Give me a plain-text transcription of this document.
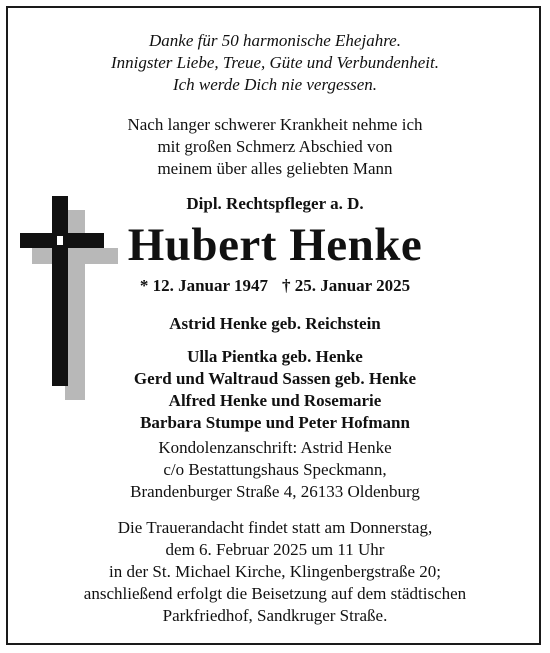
Danke für 50 harmonische Ehejahre.
Innigster Liebe, Treue, Güte und Verbundenheit.
Ich werde Dich nie vergessen.
Nach langer schwerer Krankheit nehme ich
mit großen Schmerz Abschied von
meinem über alles geliebten Mann
Dipl. Rechtspfleger a. D.
Hubert Henke
* 12. Januar 1947 † 25. Januar 2025
Astrid Henke geb. Reichstein
Ulla Pientka geb. Henke
Gerd und Waltraud Sassen geb. Henke
Alfred Henke und Rosemarie
Barbara Stumpe und Peter Hofmann
Kondolenzanschrift: Astrid Henke
c/o Bestattungshaus Speckmann,
Brandenburger Straße 4, 26133 Oldenburg
Die Trauerandacht findet statt am Donnerstag,
dem 6. Februar 2025 um 11 Uhr
in der St. Michael Kirche, Klingenbergstraße 20;
anschließend erfolgt die Beisetzung auf dem städtischen
Parkfriedhof, Sandkruger Straße.
